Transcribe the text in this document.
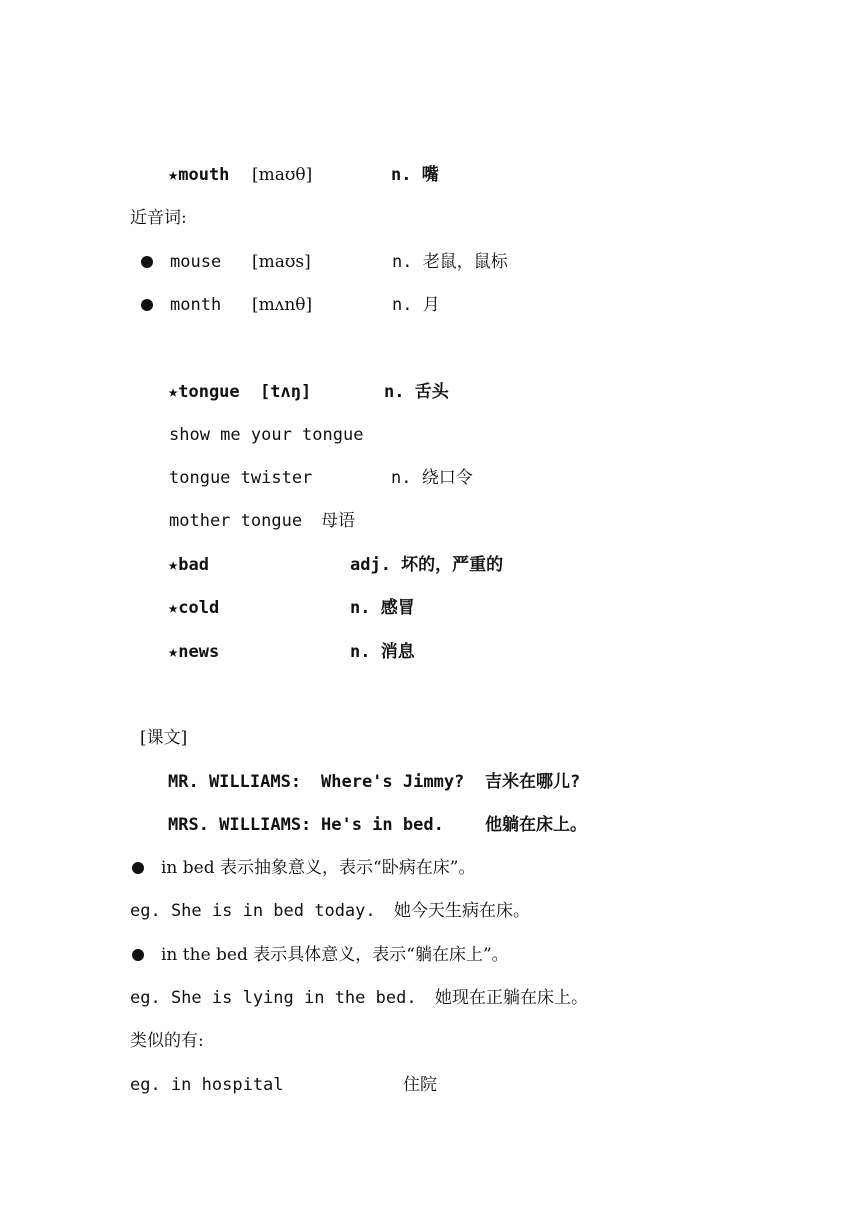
★mouth [maʊθ]	n. 嘴
近音词:
mouse [maʊs]	n. 老鼠，鼠标
month [mʌnθ]	n. 月
★tongue [tʌŋ]	n. 舌头
show me your tongue
tongue twister	n. 绕口令
mother tongue 母语
★bad	adj. 坏的，严重的
★cold	n. 感冒
★news	n. 消息
[课文]
MR. WILLIAMS: Where's Jimmy? 吉米在哪儿?
MRS. WILLIAMS: He's in bed. 他躺在床上。
in bed 表示抽象意义，表示“卧病在床”。
eg. She is in bed today. 她今天生病在床。
in the bed 表示具体意义，表示“躺在床上”。
eg. She is lying in the bed. 她现在正躺在床上。
类似的有:
eg. in hospital	住院
